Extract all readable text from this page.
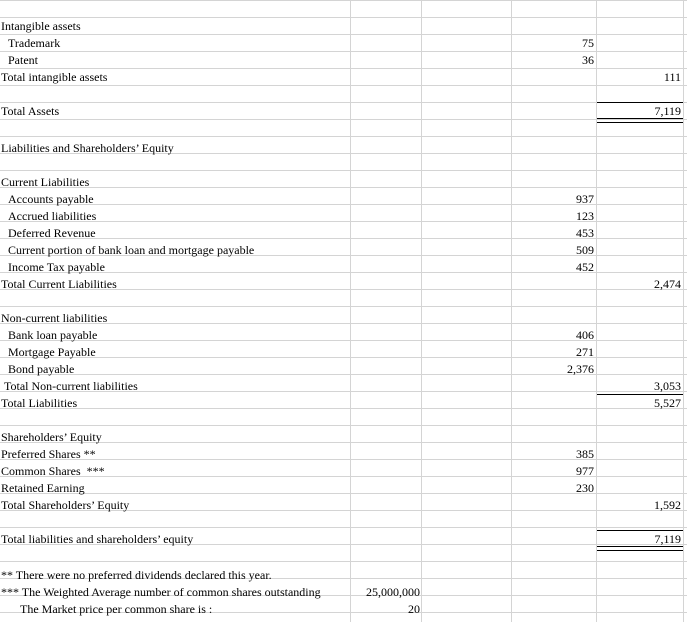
Intangible assets
Trademark	75
Patent	36
Total intangible assets	111
Total Assets	7,119
Liabilities and Shareholders’ Equity
Current Liabilities
Accounts payable	937
Accrued liabilities	123
Deferred Revenue	453
Current portion of bank loan and mortgage payable	509
Income Tax payable	452
Total Current Liabilities	2,474
Non-current liabilities
Bank loan payable	406
Mortgage Payable	271
Bond payable	2,376
Total Non-current liabilities	3,053
Total Liabilities	5,527
Shareholders’ Equity
Preferred Shares **	385
Common Shares  ***	977
Retained Earning	230
Total Shareholders’ Equity	1,592
Total liabilities and shareholders’ equity	7,119
** There were no preferred dividends declared this year.
*** The Weighted Average number of common shares outstanding	25,000,000
The Market price per common share is :	20
